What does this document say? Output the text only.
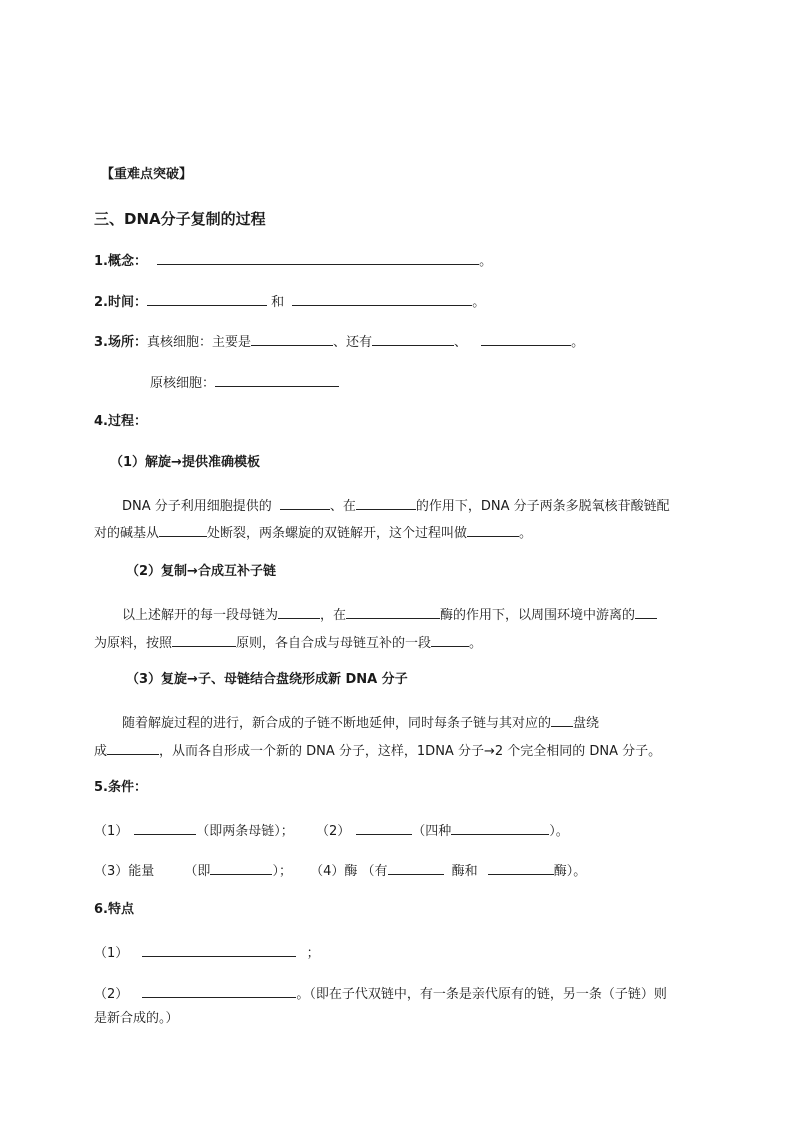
【重难点突破】
三、DNA分子复制的过程
1.概念：	。
2.时间：	和	。
3.场所：真核细胞：主要是	、还有	、	。
原核细胞：
4.过程：
（1）解旋→提供准确模板
DNA 分子利用细胞提供的	、在	的作用下，DNA 分子两条多脱氧核苷酸链配
对的碱基从	处断裂，两条螺旋的双链解开，这个过程叫做	。
（2）复制→合成互补子链
以上述解开的每一段母链为	，在	酶的作用下，以周围环境中游离的
为原料，按照	原则，各自合成与母链互补的一段	。
（3）复旋→子、母链结合盘绕形成新 DNA 分子
随着解旋过程的进行，新合成的子链不断地延伸，同时每条子链与其对应的 盘绕
成	，从而各自形成一个新的 DNA 分子，这样，1DNA 分子→2 个完全相同的 DNA 分子。
5.条件：
（1）	（即两条母链）； （2）	（四种	）。
（3）能量 （即	）； （4）酶 （有	酶和	酶）。
6.特点
（1）	；
（2）	。（即在子代双链中，有一条是亲代原有的链，另一条（子链）则
是新合成的。）
